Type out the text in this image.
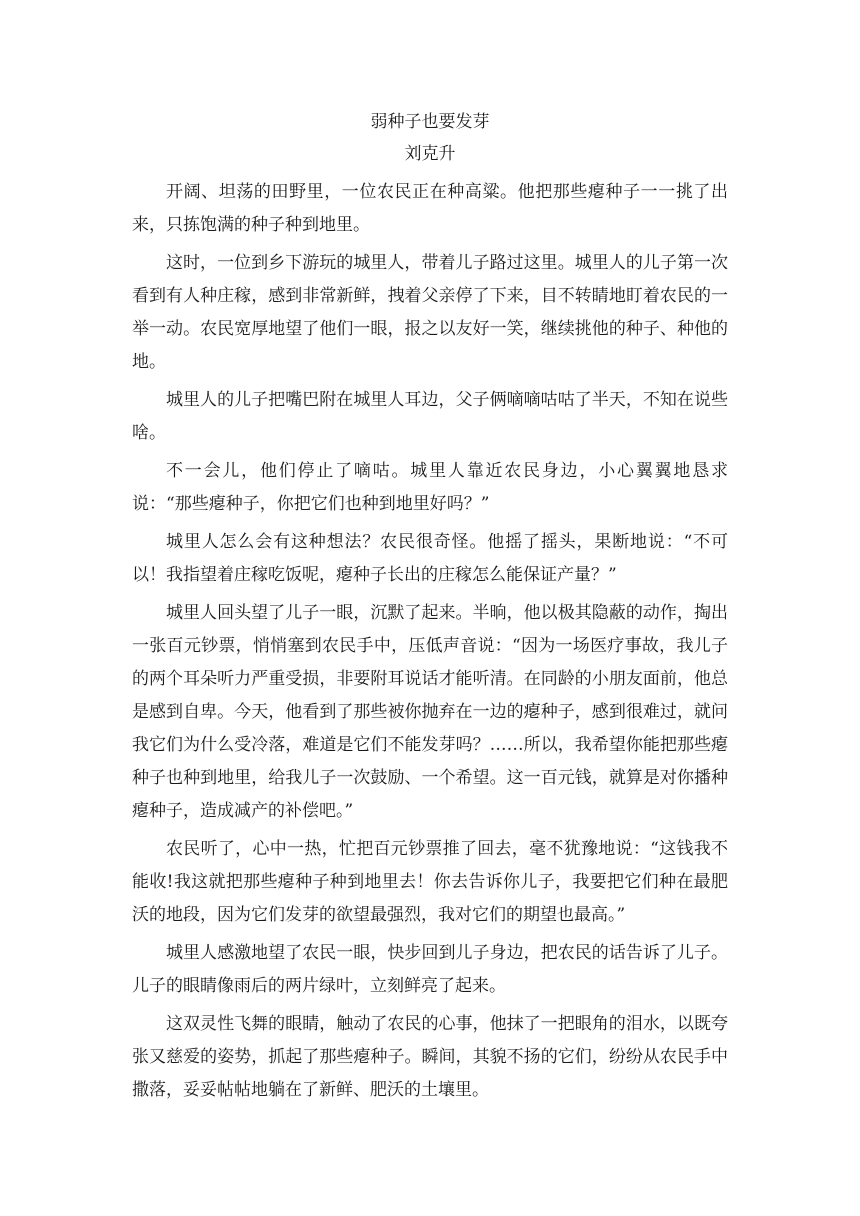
弱种子也要发芽
刘克升

开阔、坦荡的田野里，一位农民正在种高粱。他把那些瘪种子一一挑了出来，只拣饱满的种子种到地里。

这时，一位到乡下游玩的城里人，带着儿子路过这里。城里人的儿子第一次看到有人种庄稼，感到非常新鲜，拽着父亲停了下来，目不转睛地盯着农民的一举一动。农民宽厚地望了他们一眼，报之以友好一笑，继续挑他的种子、种他的地。

城里人的儿子把嘴巴附在城里人耳边，父子俩嘀嘀咕咕了半天，不知在说些啥。

不一会儿，他们停止了嘀咕。城里人靠近农民身边，小心翼翼地恳求说：“那些瘪种子，你把它们也种到地里好吗？”

城里人怎么会有这种想法？农民很奇怪。他摇了摇头，果断地说：“不可以！我指望着庄稼吃饭呢，瘪种子长出的庄稼怎么能保证产量？”

城里人回头望了儿子一眼，沉默了起来。半晌，他以极其隐蔽的动作，掏出一张百元钞票，悄悄塞到农民手中，压低声音说：“因为一场医疗事故，我儿子的两个耳朵听力严重受损，非要附耳说话才能听清。在同龄的小朋友面前，他总是感到自卑。今天，他看到了那些被你抛弃在一边的瘪种子，感到很难过，就问我它们为什么受冷落，难道是它们不能发芽吗？……所以，我希望你能把那些瘪种子也种到地里，给我儿子一次鼓励、一个希望。这一百元钱，就算是对你播种瘪种子，造成减产的补偿吧。”

农民听了，心中一热，忙把百元钞票推了回去，毫不犹豫地说：“这钱我不能收!我这就把那些瘪种子种到地里去！你去告诉你儿子，我要把它们种在最肥沃的地段，因为它们发芽的欲望最强烈，我对它们的期望也最高。”

城里人感激地望了农民一眼，快步回到儿子身边，把农民的话告诉了儿子。儿子的眼睛像雨后的两片绿叶，立刻鲜亮了起来。

这双灵性飞舞的眼睛，触动了农民的心事，他抹了一把眼角的泪水，以既夸张又慈爱的姿势，抓起了那些瘪种子。瞬间，其貌不扬的它们，纷纷从农民手中撒落，妥妥帖帖地躺在了新鲜、肥沃的土壤里。
